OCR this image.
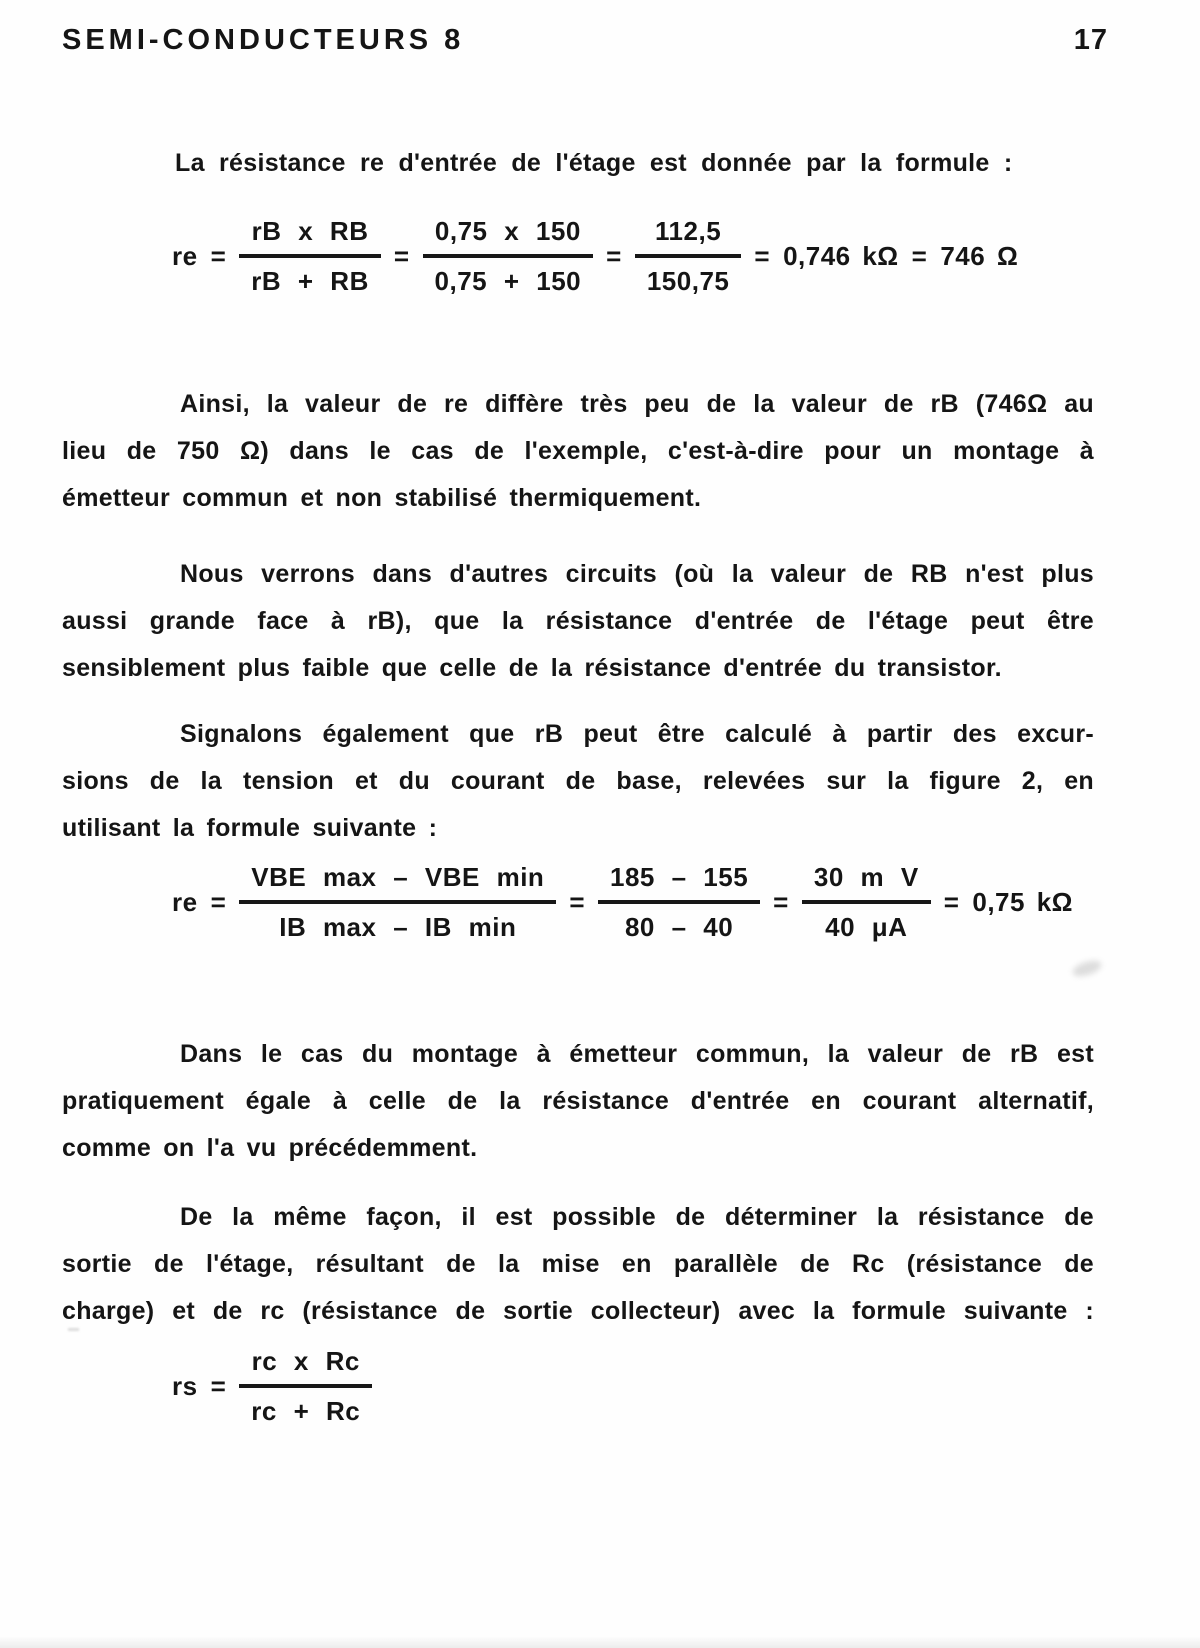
SEMI-CONDUCTEURS 8	17

La résistance re d'entrée de l'étage est donnée par la formule :

re = $\frac{\text{rB x RB}}{rB + RB} = \frac{0,75 x 150}{0,75 + 150} = \frac{112,5}{150,75} = 0,746$ kΩ = 746 Ω
Ainsi, la valeur de re diffère très peu de la valeur de rB (746Ω au
lieu de 750 Ω) dans le cas de l'exemple, c'est-à-dire pour un montage à
émetteur commun et non stabilisé thermiquement.
Nous verrons dans d'autres circuits (où la valeur de RB n'est plus
aussi grande face à rB), que la résistance d'entrée de l'étage peut être
sensiblement plus faible que celle de la résistance d'entrée du transistor.
Signalons également que rB peut être calculé à partir des excur-
sions de la tension et du courant de base, relevées sur la figure 2, en
utilisant la formule suivante :
re = $\frac{\text{VBE max – VBE min}}{\text{IB max – IB min}} = \frac{185 - 155}{80 - 40} = \frac{\text{30 m V}}{40 \mu A} = 0,75$ kΩ
Dans le cas du montage à émetteur commun, la valeur de rB est
pratiquement égale à celle de la résistance d'entrée en courant alternatif,
comme on l'a vu précédemment.
De la même façon, il est possible de déterminer la résistance de
sortie de l'étage, résultant de la mise en parallèle de Rc (résistance de
charge) et de rc (résistance de sortie collecteur) avec la formule suivante :
rs = $\frac{\text{rc x Rc}}{rc + Rc}$
